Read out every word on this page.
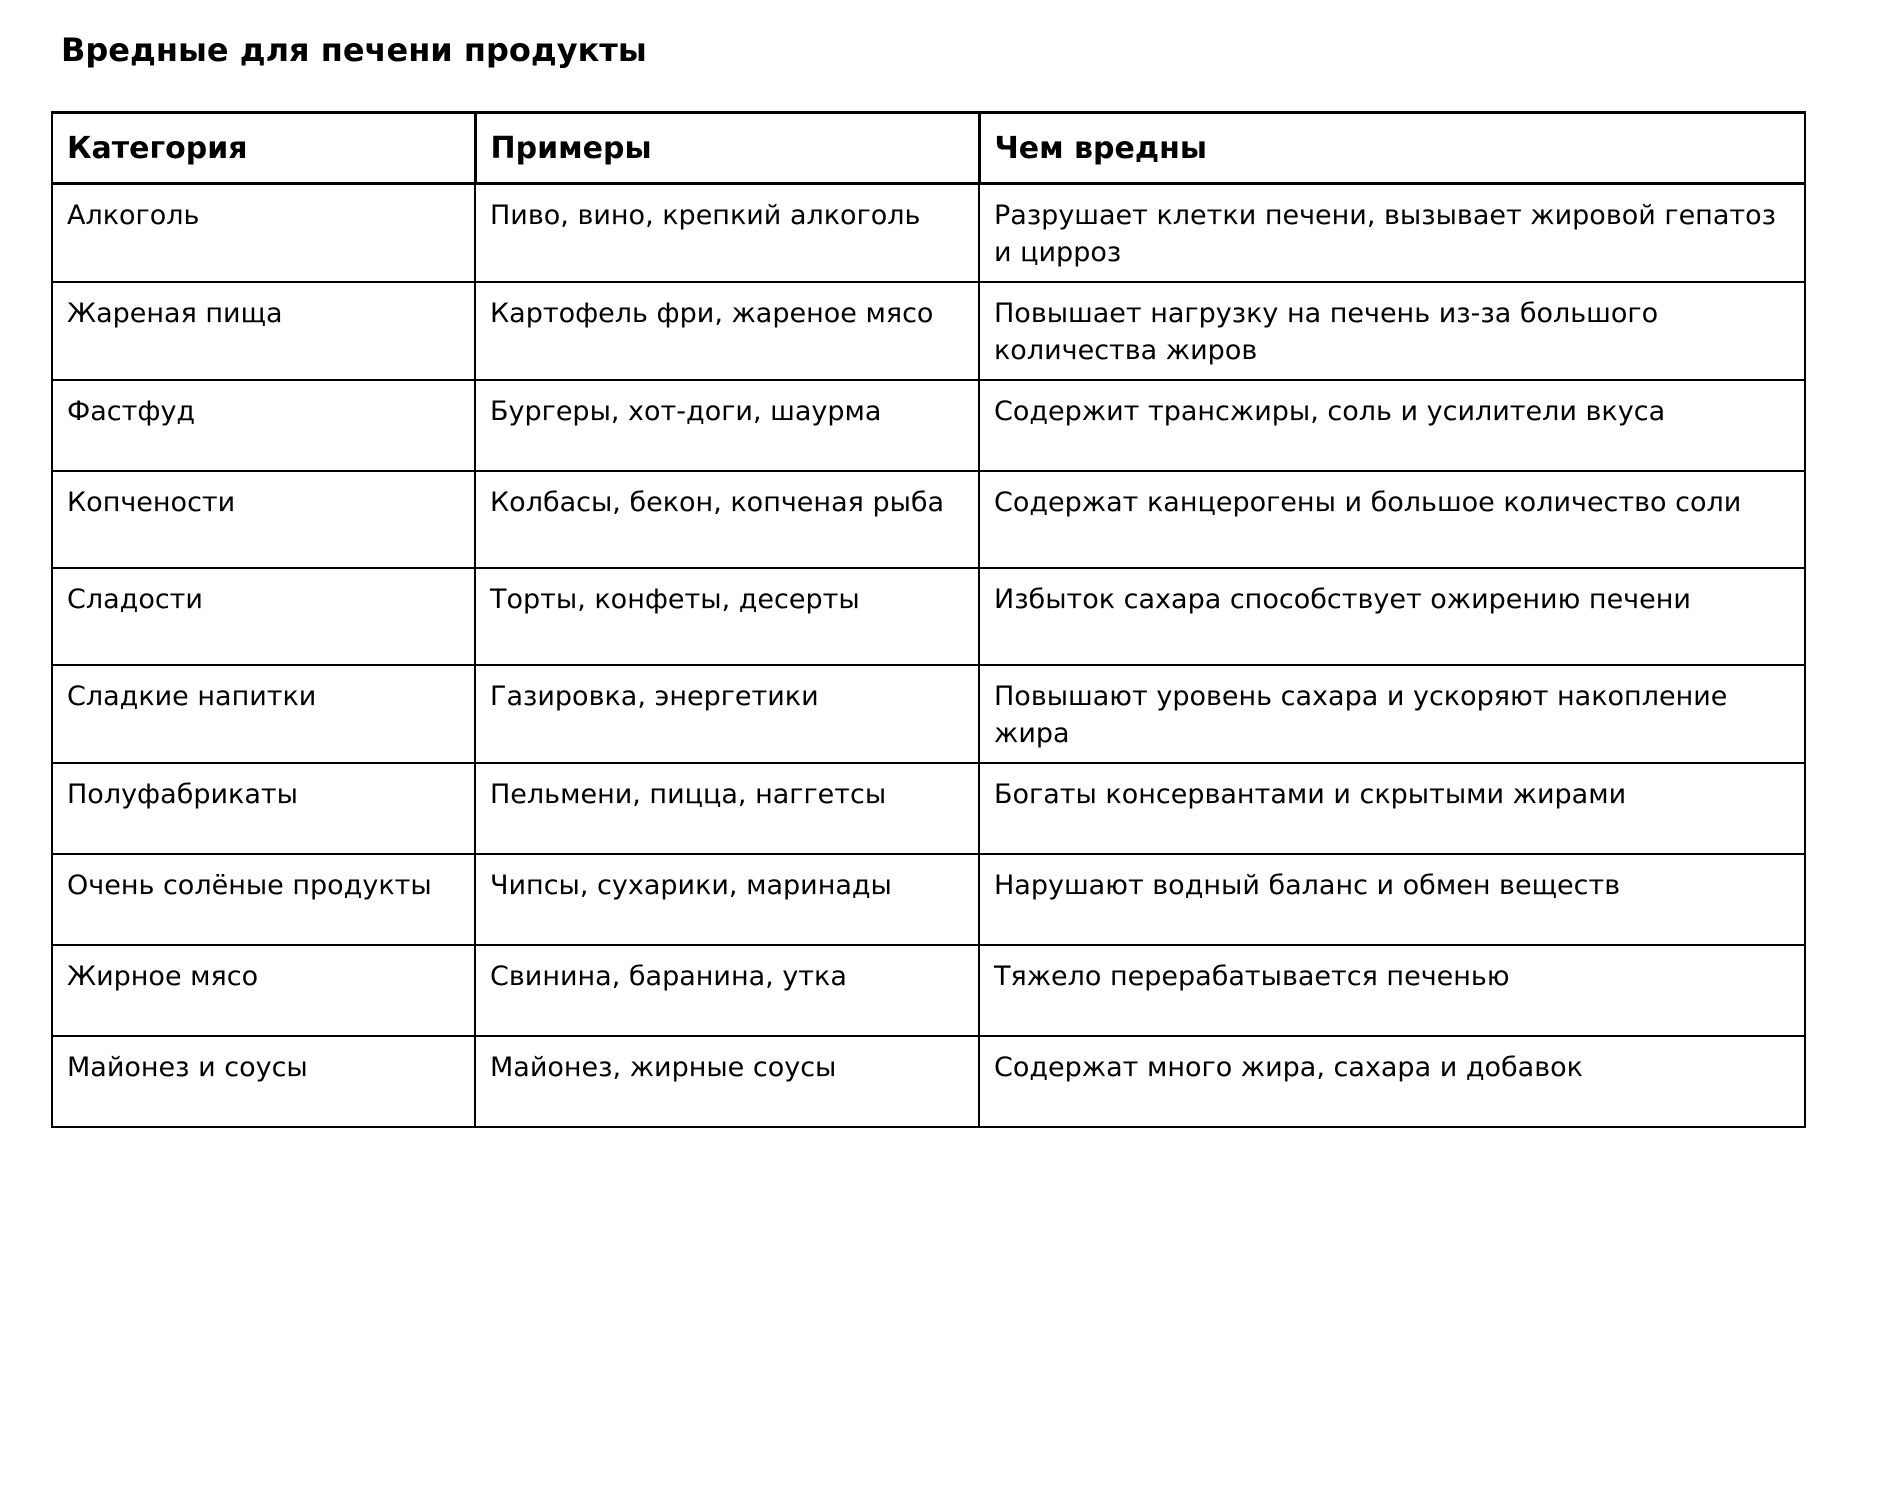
Вредные для печени продукты
Категория	Примеры	Чем вредны
Алкоголь	Пиво, вино, крепкий алкоголь	Разрушает клетки печени, вызывает жировой гепатоз и цирроз
Жареная пища	Картофель фри, жареное мясо	Повышает нагрузку на печень из-за большого количества жиров
Фастфуд	Бургеры, хот-доги, шаурма	Содержит трансжиры, соль и усилители вкуса
Копчености	Колбасы, бекон, копченая рыба	Содержат канцерогены и большое количество соли
Сладости	Торты, конфеты, десерты	Избыток сахара способствует ожирению печени
Сладкие напитки	Газировка, энергетики	Повышают уровень сахара и ускоряют накопление жира
Полуфабрикаты	Пельмени, пицца, наггетсы	Богаты консервантами и скрытыми жирами
Очень солёные продукты	Чипсы, сухарики, маринады	Нарушают водный баланс и обмен веществ
Жирное мясо	Свинина, баранина, утка	Тяжело перерабатывается печенью
Майонез и соусы	Майонез, жирные соусы	Содержат много жира, сахара и добавок
